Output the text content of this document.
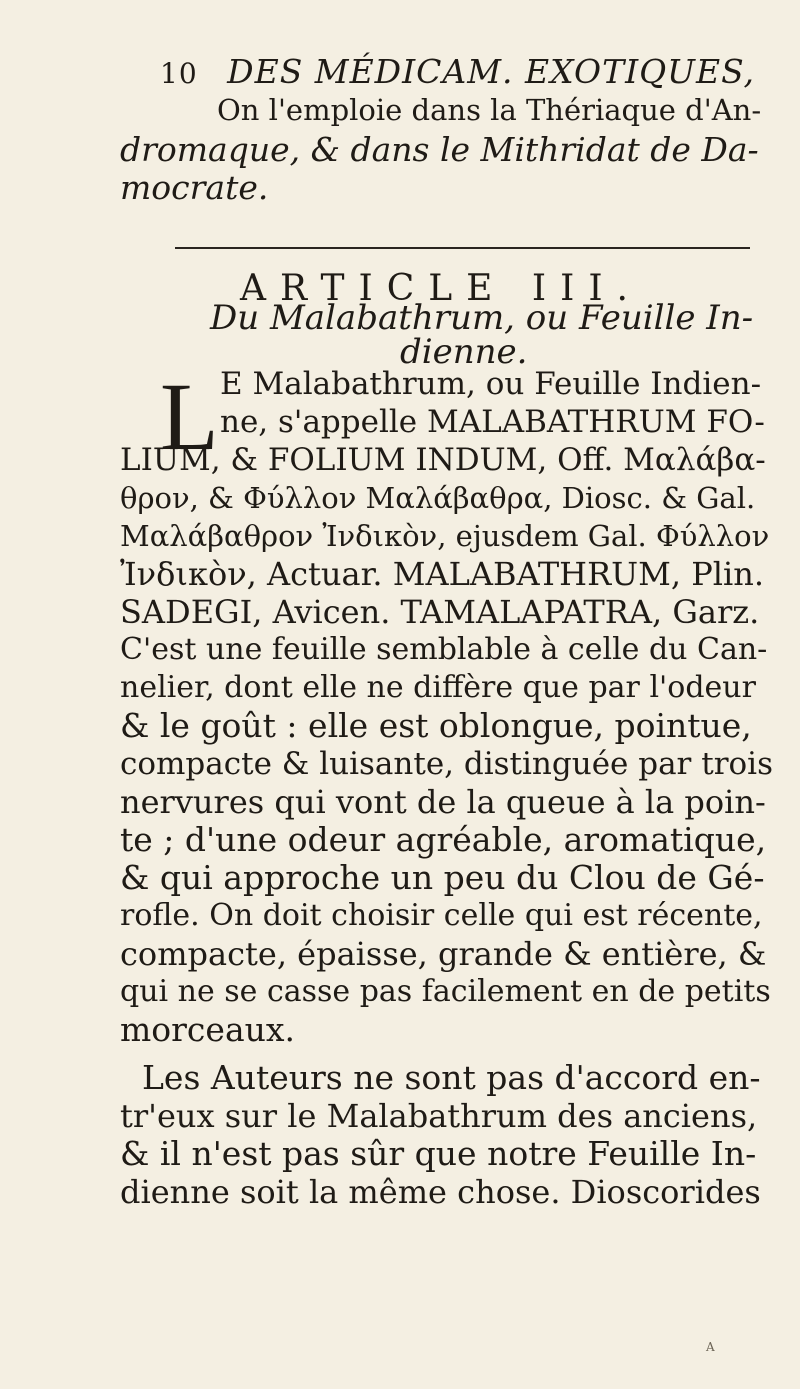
10 DES MÉDICAM. EXOTIQUES,
On l'emploie dans la Thériaque d'An-
dromaque, & dans le Mithridat de Da-
mocrate.
ARTICLE III.
Du Malabathrum, ou Feuille In-
dienne.
L E Malabathrum, ou Feuille Indien-
ne, s'appelle MALABATHRUM FO-
LIUM, & FOLIUM INDUM, Off. Μαλάβα-
θρον, & Φύλλον Μαλάβαθρα, Diosc. & Gal.
Μαλάβαθρον Ἰνδικὸν, ejusdem Gal. Φύλλον
Ἰνδικὸν, Actuar. MALABATHRUM, Plin.
SADEGI, Avicen. TAMALAPATRA, Garz.
C'est une feuille semblable à celle du Can-
nelier, dont elle ne diffère que par l'odeur
& le goût : elle est oblongue, pointue,
compacte & luisante, distinguée par trois
nervures qui vont de la queue à la poin-
te ; d'une odeur agréable, aromatique,
& qui approche un peu du Clou de Gé-
rofle. On doit choisir celle qui est récente,
compacte, épaisse, grande & entière, &
qui ne se casse pas facilement en de petits
morceaux.
Les Auteurs ne sont pas d'accord en-
tr'eux sur le Malabathrum des anciens,
& il n'est pas sûr que notre Feuille In-
dienne soit la même chose. Dioscorides
A
